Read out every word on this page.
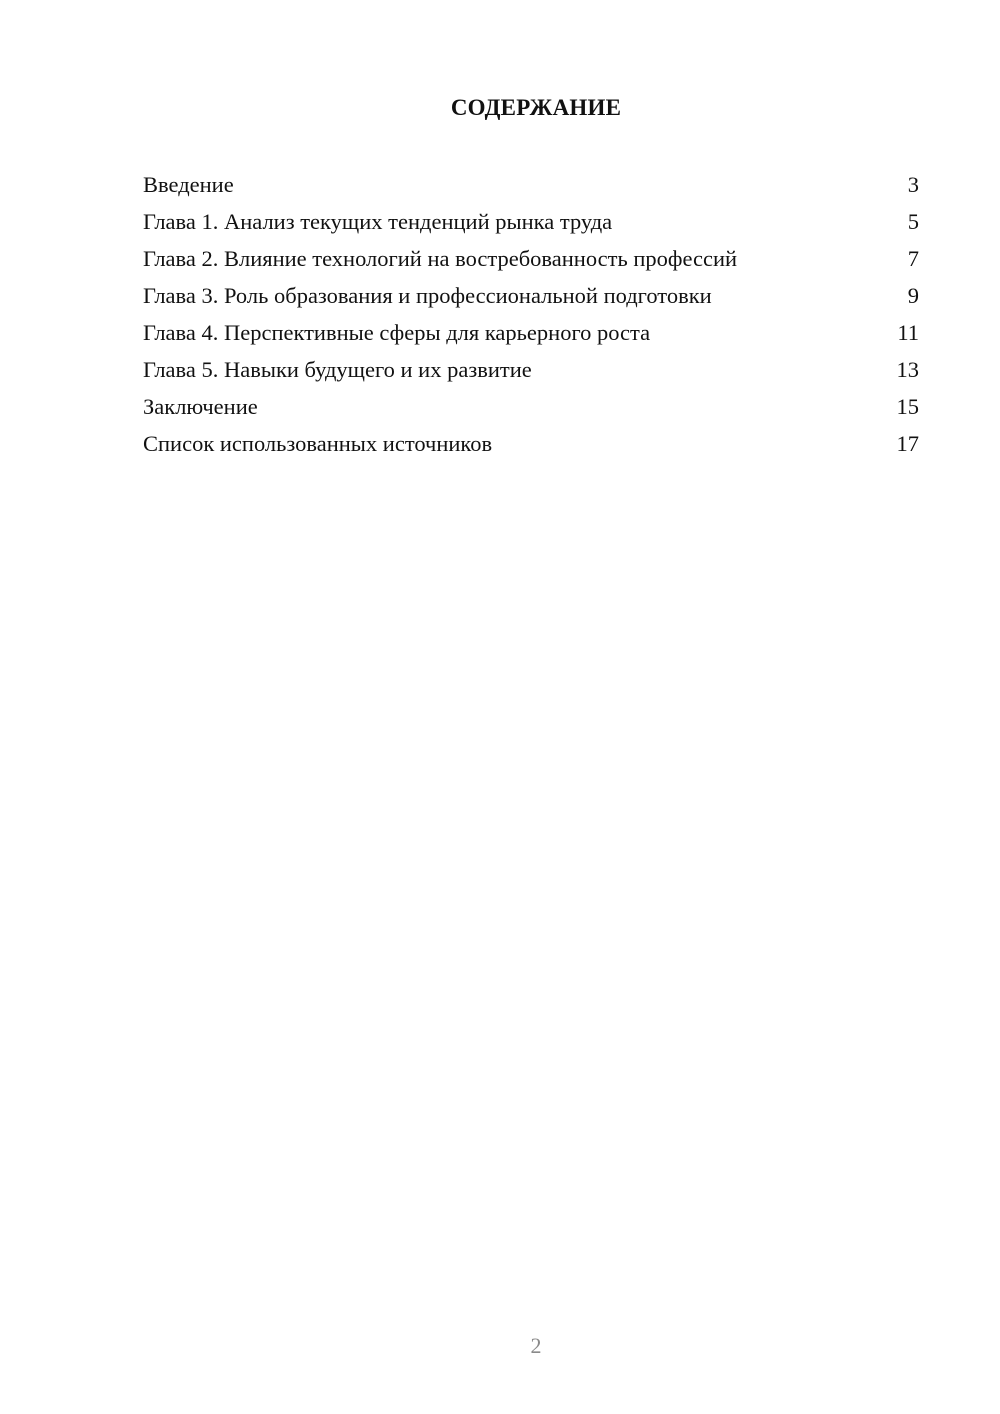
СОДЕРЖАНИЕ
Введение	3
Глава 1. Анализ текущих тенденций рынка труда	5
Глава 2. Влияние технологий на востребованность профессий	7
Глава 3. Роль образования и профессиональной подготовки	9
Глава 4. Перспективные сферы для карьерного роста	11
Глава 5. Навыки будущего и их развитие	13
Заключение	15
Список использованных источников	17
2
